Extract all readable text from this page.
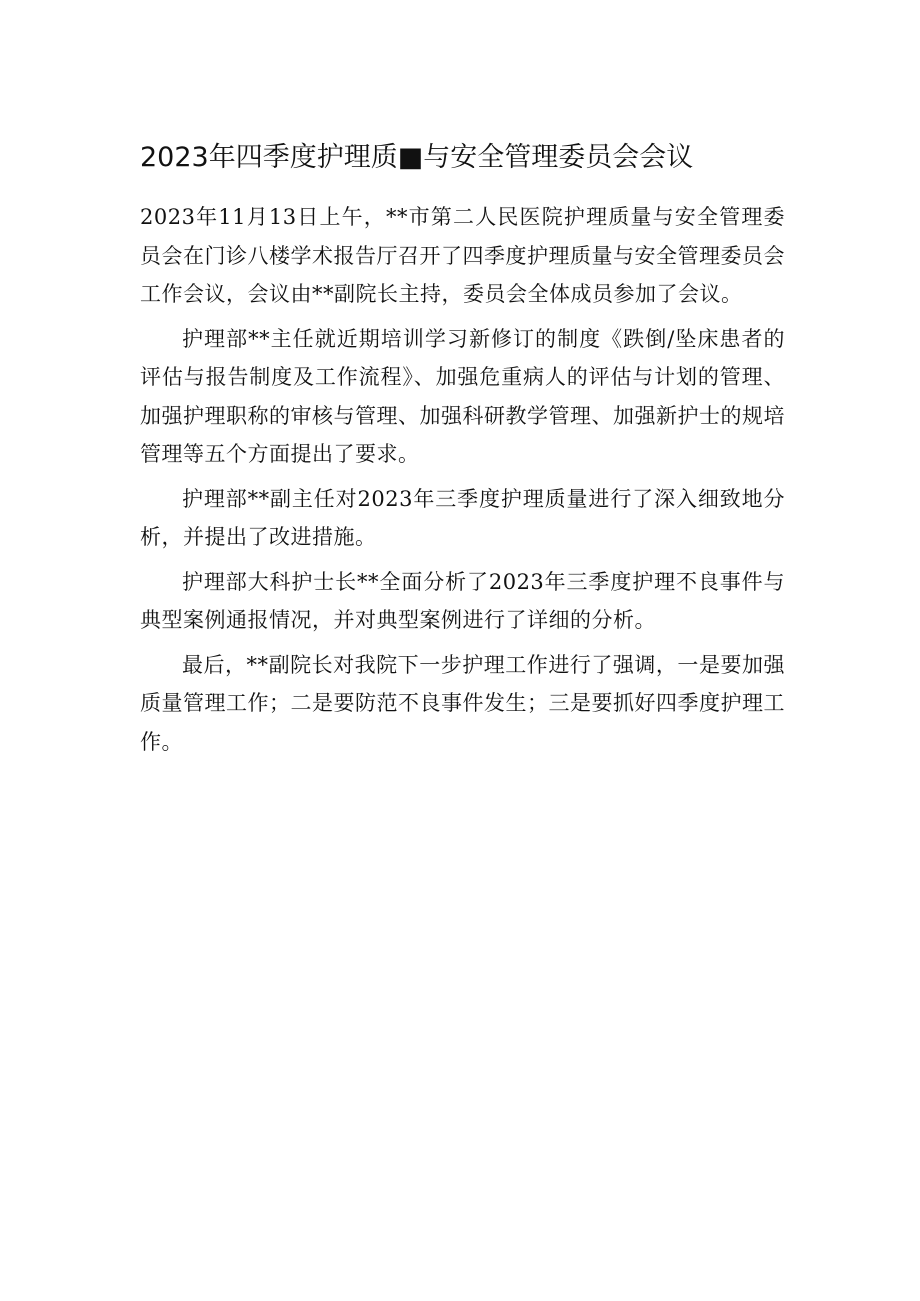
2023年四季度护理质■与安全管理委员会会议

2023年11月13日上午，**市第二人民医院护理质量与安全管理委员会在门诊八楼学术报告厅召开了四季度护理质量与安全管理委员会工作会议，会议由**副院长主持，委员会全体成员参加了会议。

护理部**主任就近期培训学习新修订的制度《跌倒/坠床患者的评估与报告制度及工作流程》、加强危重病人的评估与计划的管理、加强护理职称的审核与管理、加强科研教学管理、加强新护士的规培管理等五个方面提出了要求。

护理部**副主任对2023年三季度护理质量进行了深入细致地分析，并提出了改进措施。

护理部大科护士长**全面分析了2023年三季度护理不良事件与典型案例通报情况，并对典型案例进行了详细的分析。

最后，**副院长对我院下一步护理工作进行了强调，一是要加强质量管理工作；二是要防范不良事件发生；三是要抓好四季度护理工作。
